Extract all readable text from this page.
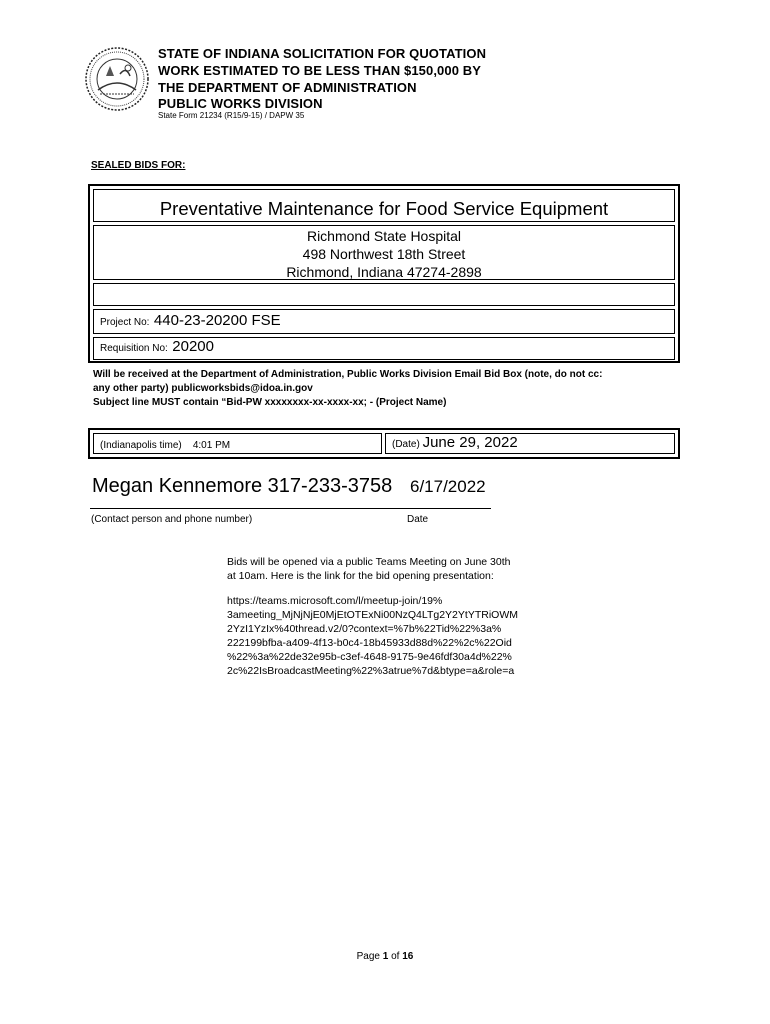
STATE OF INDIANA SOLICITATION FOR QUOTATION
WORK ESTIMATED TO BE LESS THAN $150,000 BY
THE DEPARTMENT OF ADMINISTRATION
PUBLIC WORKS DIVISION
State Form 21234 (R15/9-15) / DAPW 35
SEALED BIDS FOR:
Preventative Maintenance for Food Service Equipment
Richmond State Hospital
498 Northwest 18th Street
Richmond, Indiana 47274-2898
Project No: 440-23-20200 FSE
Requisition No: 20200
Will be received at the Department of Administration, Public Works Division Email Bid Box (note, do not cc:
any other party) publicworksbids@idoa.in.gov
Subject line MUST contain “Bid-PW xxxxxxxx-xx-xxxx-xx; - (Project Name)
(Indianapolis time) 4:01 PM	(Date) June 29, 2022
Megan Kennemore 317-233-3758 6/17/2022
(Contact person and phone number)	Date
Bids will be opened via a public Teams Meeting on June 30th
at 10am. Here is the link for the bid opening presentation:
https://teams.microsoft.com/l/meetup-join/19%
3ameeting_MjNjNjE0MjEtOTExNi00NzQ4LTg2Y2YtYTRiOWM
2YzI1YzIx%40thread.v2/0?context=%7b%22Tid%22%3a%
222199bfba-a409-4f13-b0c4-18b45933d88d%22%2c%22Oid
%22%3a%22de32e95b-c3ef-4648-9175-9e46fdf30a4d%22%
2c%22IsBroadcastMeeting%22%3atrue%7d&btype=a&role=a
Page 1 of 16
